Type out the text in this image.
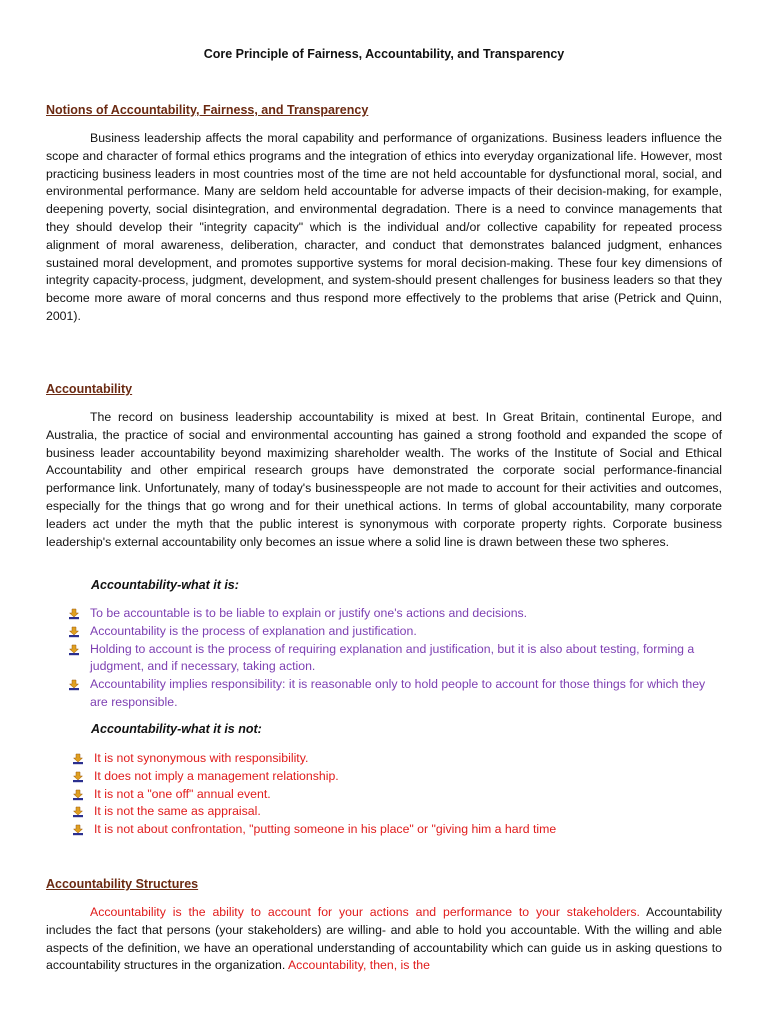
Core Principle of Fairness, Accountability, and Transparency
Notions of Accountability, Fairness, and Transparency
Business leadership affects the moral capability and performance of organizations. Business leaders influence the scope and character of formal ethics programs and the integration of ethics into everyday organizational life. However, most practicing business leaders in most countries most of the time are not held accountable for dysfunctional moral, social, and environmental performance. Many are seldom held accountable for adverse impacts of their decision-making, for example, deepening poverty, social disintegration, and environmental degradation. There is a need to convince managements that they should develop their "integrity capacity" which is the individual and/or collective capability for repeated process alignment of moral awareness, deliberation, character, and conduct that demonstrates balanced judgment, enhances sustained moral development, and promotes supportive systems for moral decision-making. These four key dimensions of integrity capacity-process, judgment, development, and system-should present challenges for business leaders so that they become more aware of moral concerns and thus respond more effectively to the problems that arise (Petrick and Quinn, 2001).
Accountability
The record on business leadership accountability is mixed at best. In Great Britain, continental Europe, and Australia, the practice of social and environmental accounting has gained a strong foothold and expanded the scope of business leader accountability beyond maximizing shareholder wealth. The works of the Institute of Social and Ethical Accountability and other empirical research groups have demonstrated the corporate social performance-financial performance link. Unfortunately, many of today's businesspeople are not made to account for their activities and outcomes, especially for the things that go wrong and for their unethical actions. In terms of global accountability, many corporate leaders act under the myth that the public interest is synonymous with corporate property rights. Corporate business leadership's external accountability only becomes an issue where a solid line is drawn between these two spheres.
Accountability-what it is:
To be accountable is to be liable to explain or justify one's actions and decisions.
Accountability is the process of explanation and justification.
Holding to account is the process of requiring explanation and justification, but it is also about testing, forming a judgment, and if necessary, taking action.
Accountability implies responsibility: it is reasonable only to hold people to account for those things for which they are responsible.
Accountability-what it is not:
It is not synonymous with responsibility.
It does not imply a management relationship.
It is not a "one off" annual event.
It is not the same as appraisal.
It is not about confrontation, "putting someone in his place" or "giving him a hard time
Accountability Structures
Accountability is the ability to account for your actions and performance to your stakeholders. Accountability includes the fact that persons (your stakeholders) are willing- and able to hold you accountable. With the willing and able aspects of the definition, we have an operational understanding of accountability which can guide us in asking questions to accountability structures in the organization. Accountability, then, is the
